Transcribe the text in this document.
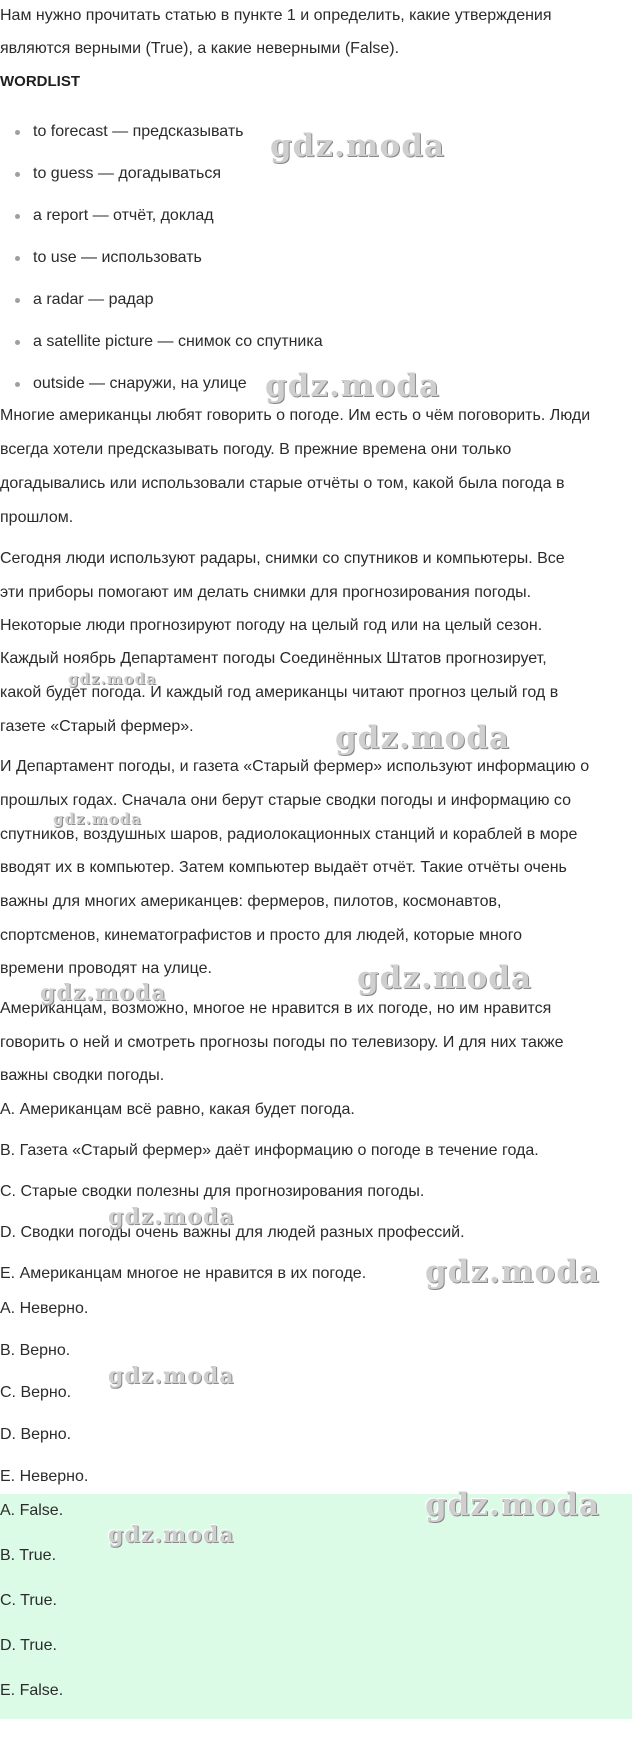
Нам нужно прочитать статью в пункте 1 и определить, какие утверждения
являются верными (True), а какие неверными (False).
WORDLIST
to forecast — предсказывать
to guess — догадываться
a report — отчёт, доклад
to use — использовать
a radar — радар
a satellite picture — снимок со спутника
outside — снаружи, на улице
Многие американцы любят говорить о погоде. Им есть о чём поговорить. Люди
всегда хотели предсказывать погоду. В прежние времена они только
догадывались или использовали старые отчёты о том, какой была погода в
прошлом.
Сегодня люди используют радары, снимки со спутников и компьютеры. Все
эти приборы помогают им делать снимки для прогнозирования погоды.
Некоторые люди прогнозируют погоду на целый год или на целый сезон.
Каждый ноябрь Департамент погоды Соединённых Штатов прогнозирует,
какой будет погода. И каждый год американцы читают прогноз целый год в
газете «Старый фермер».
И Департамент погоды, и газета «Старый фермер» используют информацию о
прошлых годах. Сначала они берут старые сводки погоды и информацию со
спутников, воздушных шаров, радиолокационных станций и кораблей в море
вводят их в компьютер. Затем компьютер выдаёт отчёт. Такие отчёты очень
важны для многих американцев: фермеров, пилотов, космонавтов,
спортсменов, кинематографистов и просто для людей, которые много
времени проводят на улице.
Американцам, возможно, многое не нравится в их погоде, но им нравится
говорить о ней и смотреть прогнозы погоды по телевизору. И для них также
важны сводки погоды.
A. Американцам всё равно, какая будет погода.
B. Газета «Старый фермер» даёт информацию о погоде в течение года.
C. Старые сводки полезны для прогнозирования погоды.
D. Сводки погоды очень важны для людей разных профессий.
E. Американцам многое не нравится в их погоде.
A. Неверно.
B. Верно.
C. Верно.
D. Верно.
E. Неверно.
A. False.
B. True.
C. True.
D. True.
E. False.
gdz.moda
gdz.moda
gdz.moda
gdz.moda
gdz.moda
gdz.moda
gdz.moda
gdz.moda
gdz.moda
gdz.moda
gdz.moda
gdz.moda
